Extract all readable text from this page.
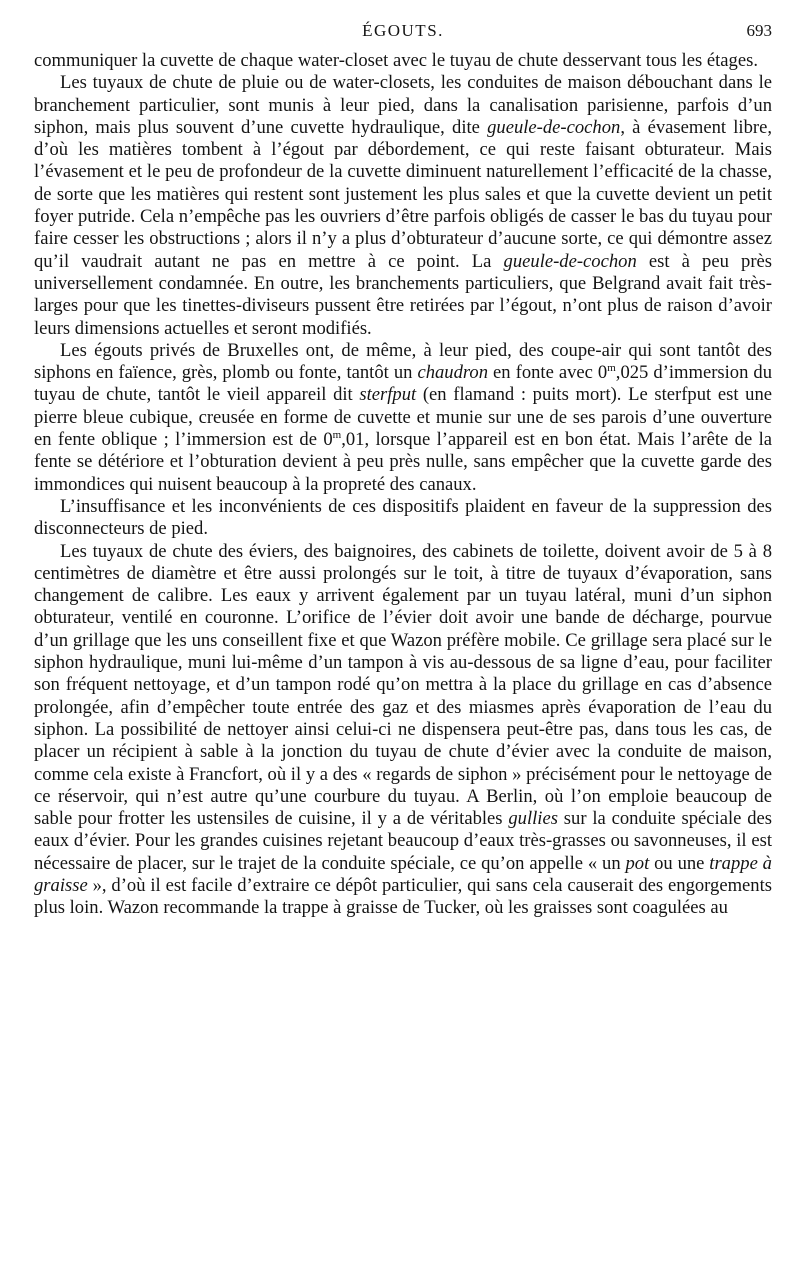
ÉGOUTS.	693

communiquer la cuvette de chaque water-closet avec le tuyau de chute desservant tous les étages.

Les tuyaux de chute de pluie ou de water-closets, les conduites de maison débouchant dans le branchement particulier, sont munis à leur pied, dans la canalisation parisienne, parfois d’un siphon, mais plus souvent d’une cuvette hydraulique, dite gueule-de-cochon, à évasement libre, d’où les matières tombent à l’égout par débordement, ce qui reste faisant obturateur. Mais l’évasement et le peu de profondeur de la cuvette diminuent naturellement l’efficacité de la chasse, de sorte que les matières qui restent sont justement les plus sales et que la cuvette devient un petit foyer putride. Cela n’empêche pas les ouvriers d’être parfois obligés de casser le bas du tuyau pour faire cesser les obstructions ; alors il n’y a plus d’obturateur d’aucune sorte, ce qui démontre assez qu’il vaudrait autant ne pas en mettre à ce point. La gueule-de-cochon est à peu près universellement condamnée. En outre, les branchements particuliers, que Belgrand avait fait très-larges pour que les tinettes-diviseurs pussent être retirées par l’égout, n’ont plus de raison d’avoir leurs dimensions actuelles et seront modifiés.

Les égouts privés de Bruxelles ont, de même, à leur pied, des coupe-air qui sont tantôt des siphons en faïence, grès, plomb ou fonte, tantôt un chaudron en fonte avec 0$^m$,025 d’immersion du tuyau de chute, tantôt le vieil appareil dit sterfput (en flamand : puits mort). Le sterfput est une pierre bleue cubique, creusée en forme de cuvette et munie sur une de ses parois d’une ouverture en fente oblique ; l’immersion est de 0$^m$,01, lorsque l’appareil est en bon état. Mais l’arête de la fente se détériore et l’obturation devient à peu près nulle, sans empêcher que la cuvette garde des immondices qui nuisent beaucoup à la propreté des canaux.

L’insuffisance et les inconvénients de ces dispositifs plaident en faveur de la suppression des disconnecteurs de pied.

Les tuyaux de chute des éviers, des baignoires, des cabinets de toilette, doivent avoir de 5 à 8 centimètres de diamètre et être aussi prolongés sur le toit, à titre de tuyaux d’évaporation, sans changement de calibre. Les eaux y arrivent également par un tuyau latéral, muni d’un siphon obturateur, ventilé en couronne. L’orifice de l’évier doit avoir une bande de décharge, pourvue d’un grillage que les uns conseillent fixe et que Wazon préfère mobile. Ce grillage sera placé sur le siphon hydraulique, muni lui-même d’un tampon à vis au-dessous de sa ligne d’eau, pour faciliter son fréquent nettoyage, et d’un tampon rodé qu’on mettra à la place du grillage en cas d’absence prolongée, afin d’empêcher toute entrée des gaz et des miasmes après évaporation de l’eau du siphon. La possibilité de nettoyer ainsi celui-ci ne dispensera peut-être pas, dans tous les cas, de placer un récipient à sable à la jonction du tuyau de chute d’évier avec la conduite de maison, comme cela existe à Francfort, où il y a des « regards de siphon » précisément pour le nettoyage de ce réservoir, qui n’est autre qu’une courbure du tuyau. A Berlin, où l’on emploie beaucoup de sable pour frotter les ustensiles de cuisine, il y a de véritables gullies sur la conduite spéciale des eaux d’évier. Pour les grandes cuisines rejetant beaucoup d’eaux très-grasses ou savonneuses, il est nécessaire de placer, sur le trajet de la conduite spéciale, ce qu’on appelle « un pot ou une trappe à graisse », d’où il est facile d’extraire ce dépôt particulier, qui sans cela causerait des engorgements plus loin. Wazon recommande la trappe à graisse de Tucker, où les graisses sont coagulées au
